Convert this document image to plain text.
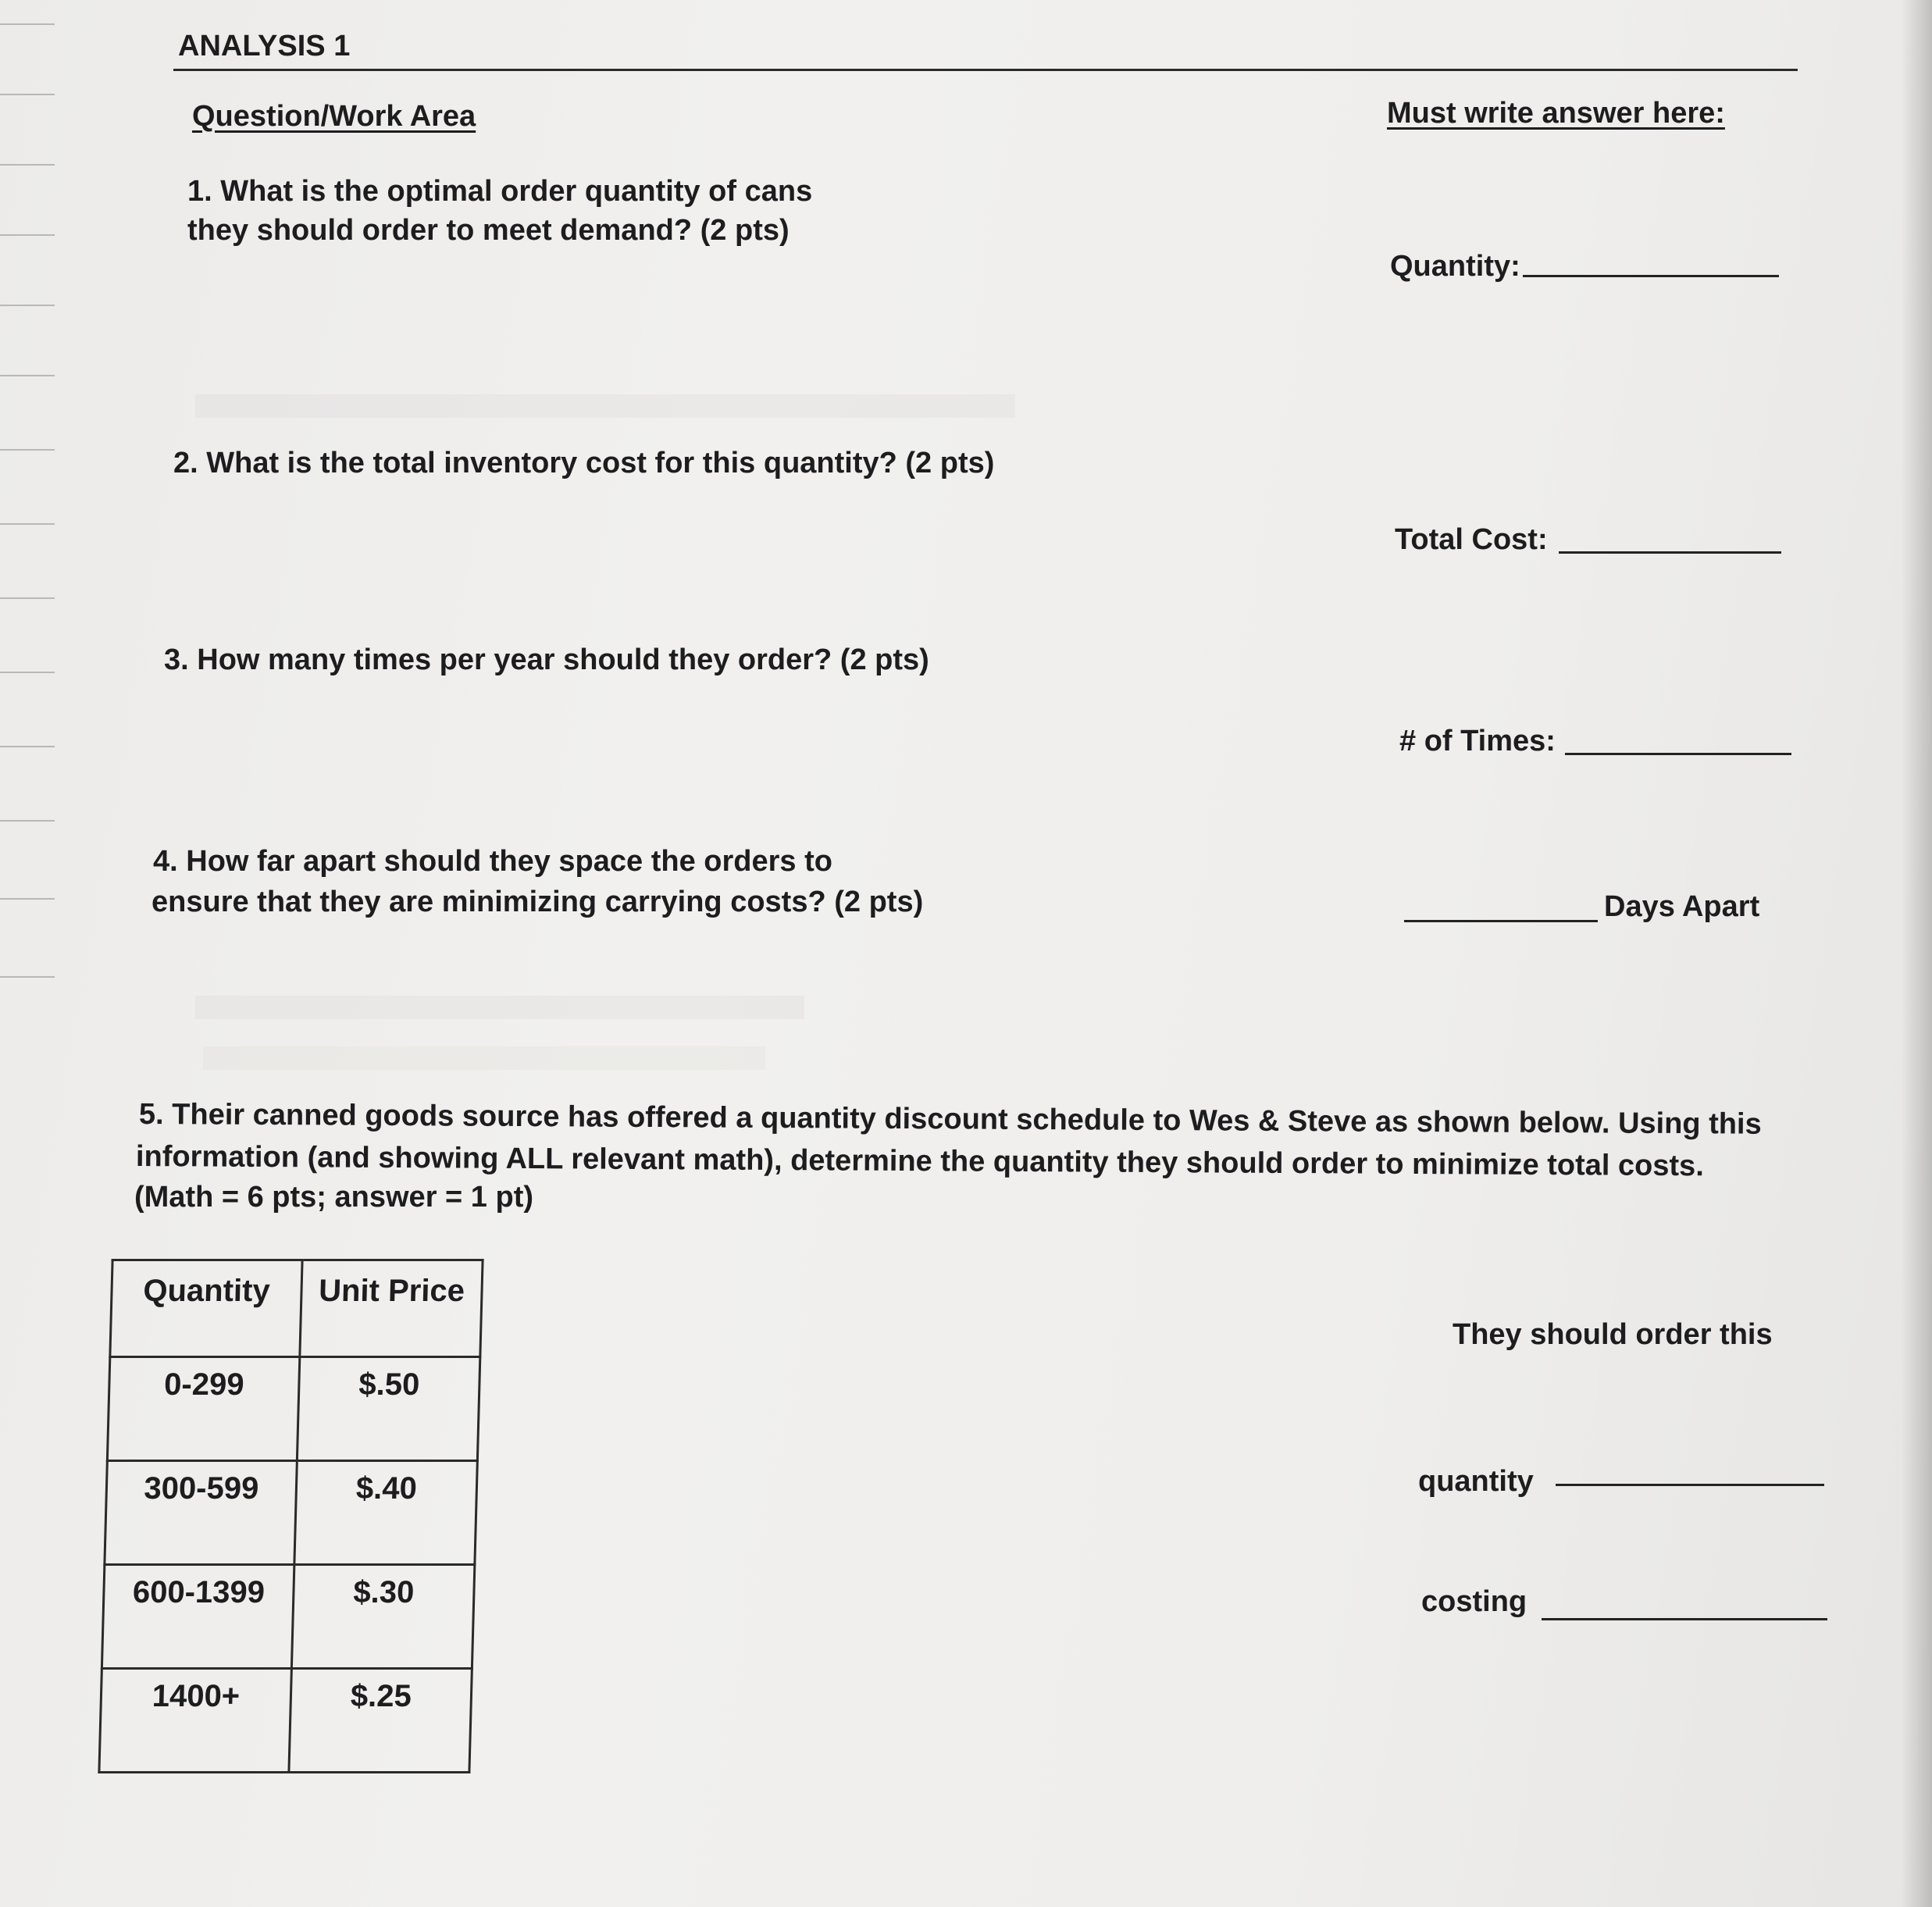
ANALYSIS 1
Question/Work Area	Must write answer here:
1. What is the optimal order quantity of cans
they should order to meet demand? (2 pts)
Quantity:
2. What is the total inventory cost for this quantity? (2 pts)
Total Cost:
3. How many times per year should they order? (2 pts)
# of Times:
4. How far apart should they space the orders to
ensure that they are minimizing carrying costs? (2 pts)	Days Apart
5. Their canned goods source has offered a quantity discount schedule to Wes & Steve as shown below. Using this
information (and showing ALL relevant math), determine the quantity they should order to minimize total costs.
(Math = 6 pts; answer = 1 pt)
Quantity	Unit Price
0-299	$.50
300-599	$.40
600-1399	$.30
1400+	$.25
They should order this
quantity
costing
